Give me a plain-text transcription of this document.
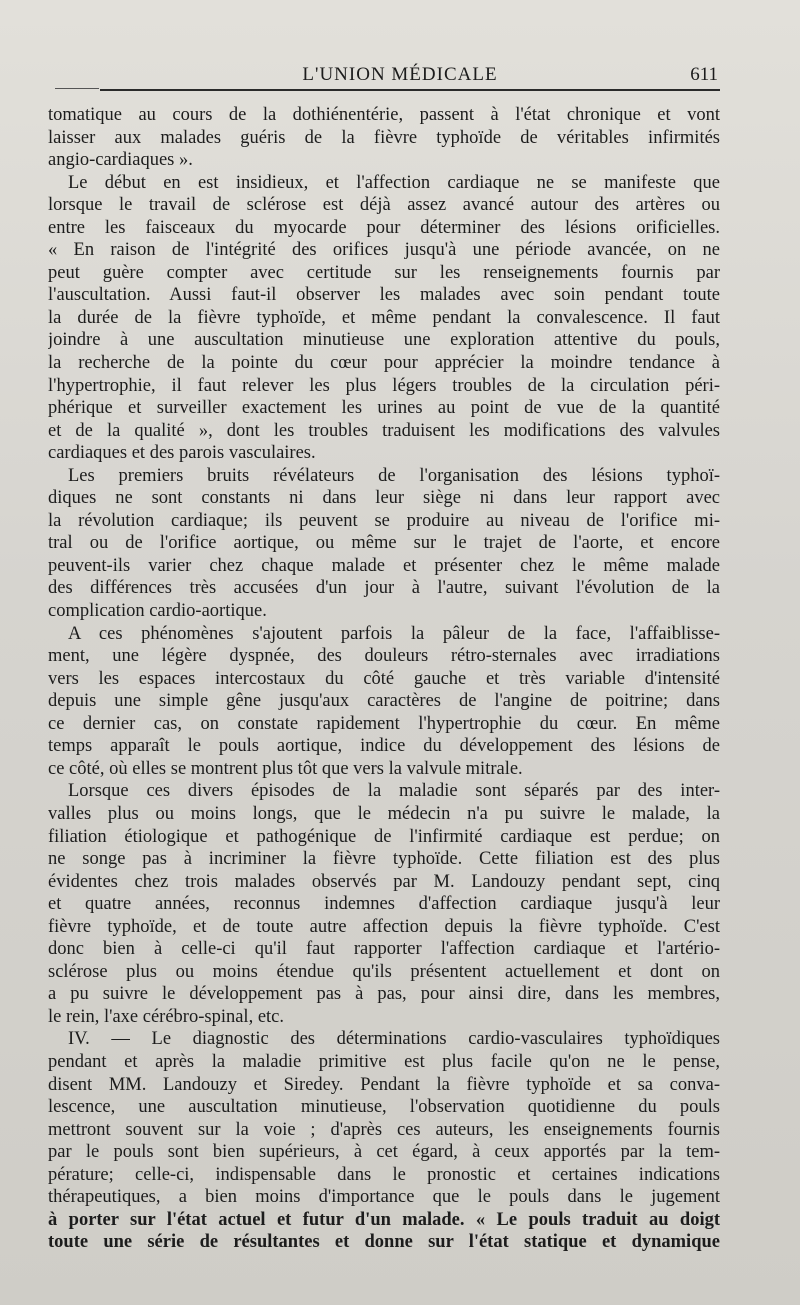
L'UNION MÉDICALE	611

tomatique au cours de la dothiénentérie, passent à l'état chronique et vont

laisser aux malades guéris de la fièvre typhoïde de véritables infirmités

angio-cardiaques ».

Le début en est insidieux, et l'affection cardiaque ne se manifeste que

lorsque le travail de sclérose est déjà assez avancé autour des artères ou

entre les faisceaux du myocarde pour déterminer des lésions orificielles.

« En raison de l'intégrité des orifices jusqu'à une période avancée, on ne

peut guère compter avec certitude sur les renseignements fournis par

l'auscultation. Aussi faut-il observer les malades avec soin pendant toute

la durée de la fièvre typhoïde, et même pendant la convalescence. Il faut

joindre à une auscultation minutieuse une exploration attentive du pouls,

la recherche de la pointe du cœur pour apprécier la moindre tendance à

l'hypertrophie, il faut relever les plus légers troubles de la circulation péri-

phérique et surveiller exactement les urines au point de vue de la quantité

et de la qualité », dont les troubles traduisent les modifications des valvules

cardiaques et des parois vasculaires.

Les premiers bruits révélateurs de l'organisation des lésions typhoï-

diques ne sont constants ni dans leur siège ni dans leur rapport avec

la révolution cardiaque; ils peuvent se produire au niveau de l'orifice mi-

tral ou de l'orifice aortique, ou même sur le trajet de l'aorte, et encore

peuvent-ils varier chez chaque malade et présenter chez le même malade

des différences très accusées d'un jour à l'autre, suivant l'évolution de la

complication cardio-aortique.

A ces phénomènes s'ajoutent parfois la pâleur de la face, l'affaiblisse-

ment, une légère dyspnée, des douleurs rétro-sternales avec irradiations

vers les espaces intercostaux du côté gauche et très variable d'intensité

depuis une simple gêne jusqu'aux caractères de l'angine de poitrine; dans

ce dernier cas, on constate rapidement l'hypertrophie du cœur. En même

temps apparaît le pouls aortique, indice du développement des lésions de

ce côté, où elles se montrent plus tôt que vers la valvule mitrale.

Lorsque ces divers épisodes de la maladie sont séparés par des inter-

valles plus ou moins longs, que le médecin n'a pu suivre le malade, la

filiation étiologique et pathogénique de l'infirmité cardiaque est perdue; on

ne songe pas à incriminer la fièvre typhoïde. Cette filiation est des plus

évidentes chez trois malades observés par M. Landouzy pendant sept, cinq

et quatre années, reconnus indemnes d'affection cardiaque jusqu'à leur

fièvre typhoïde, et de toute autre affection depuis la fièvre typhoïde. C'est

donc bien à celle-ci qu'il faut rapporter l'affection cardiaque et l'artério-

sclérose plus ou moins étendue qu'ils présentent actuellement et dont on

a pu suivre le développement pas à pas, pour ainsi dire, dans les membres,

le rein, l'axe cérébro-spinal, etc.

IV. — Le diagnostic des déterminations cardio-vasculaires typhoïdiques

pendant et après la maladie primitive est plus facile qu'on ne le pense,

disent MM. Landouzy et Siredey. Pendant la fièvre typhoïde et sa conva-

lescence, une auscultation minutieuse, l'observation quotidienne du pouls

mettront souvent sur la voie ; d'après ces auteurs, les enseignements fournis

par le pouls sont bien supérieurs, à cet égard, à ceux apportés par la tem-

pérature; celle-ci, indispensable dans le pronostic et certaines indications

thérapeutiques, a bien moins d'importance que le pouls dans le jugement

à porter sur l'état actuel et futur d'un malade. « Le pouls traduit au doigt

toute une série de résultantes et donne sur l'état statique et dynamique
